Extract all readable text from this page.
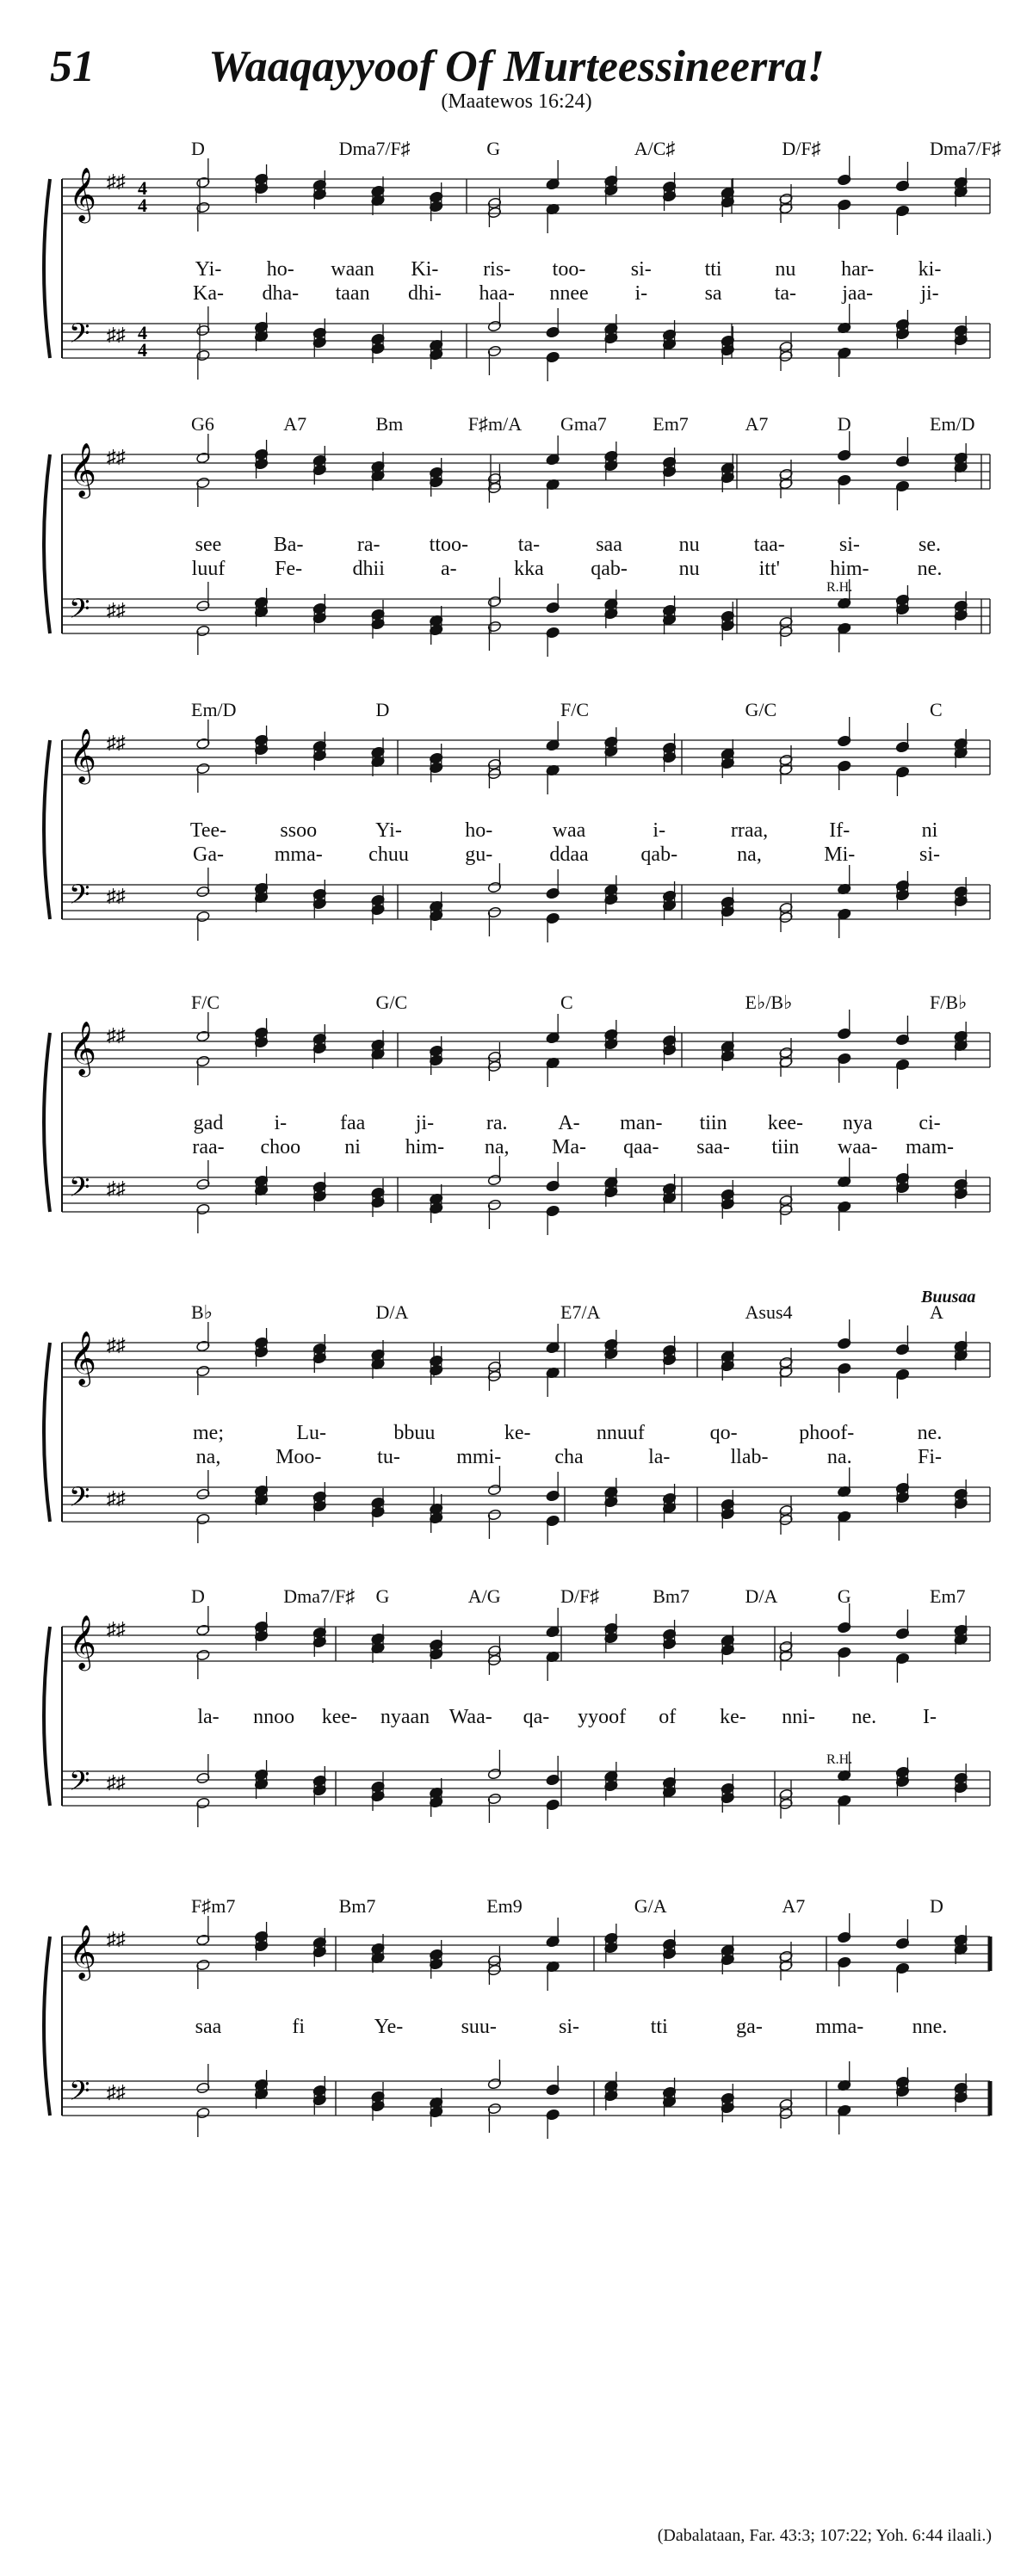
51	Waaqayyoof Of Murteessineerra!
(Maatewos 16:24)
𝄞 ♯♯ 4
4
𝄢 ♯♯ 4
4
D	Dma7/F♯	G	A/C♯	D/F♯	Dma7/F♯
Yi- ho- waan Ki- ris- too- si-	tti	nu har- ki-
Ka- dha- taan dhi- haa- nnee i-	sa	ta- jaa- ji-
𝄞 ♯♯
𝄢 ♯♯
G6	A7	Bm	F♯m/A Gma7 Em7	A7	D	Em/D
see	Ba-	ra- ttoo- ta-	saa	nu	taa-	si-	se.
luuf Fe- dhii	a-	kka qab- nu	itt' him- ne.
R.H.
𝄞 ♯♯
𝄢 ♯♯
Em/D	D	F/C	G/C	C
Tee-	ssoo	Yi-	ho-	waa	i-	rraa,	If-	ni
Ga- mma- chuu	gu-	ddaa	qab-	na,	Mi-	si-
𝄞 ♯♯
𝄢 ♯♯
F/C	G/C	C	E♭/B♭	F/B♭
gad i-	faa ji-	ra. A- man- tiin kee- nya ci-
raa- choo ni him- na, Ma- qaa- saa- tiin waa- mam-
𝄞 ♯♯
𝄢 ♯♯
B♭	D/A	E7/A	Asus4	A
me;	Lu-	bbuu	ke-	nnuuf	qo-	phoof-	ne.
na,	Moo-	tu-	mmi-	cha	la-	llab-	na.	Fi-
Buusaa
𝄞 ♯♯
𝄢 ♯♯
D	Dma7/F♯ G	A/G	D/F♯	Bm7	D/A	G	Em7
la- nnoo kee- nyaan Waa- qa- yyoof of ke- nni- ne. I-
R.H.
𝄞 ♯♯
𝄢 ♯♯
F♯m7	Bm7	Em9	G/A	A7	D
saa	fi	Ye-	suu-	si-	tti	ga-	mma- nne.
(Dabalataan, Far. 43:3; 107:22; Yoh. 6:44 ilaali.)
